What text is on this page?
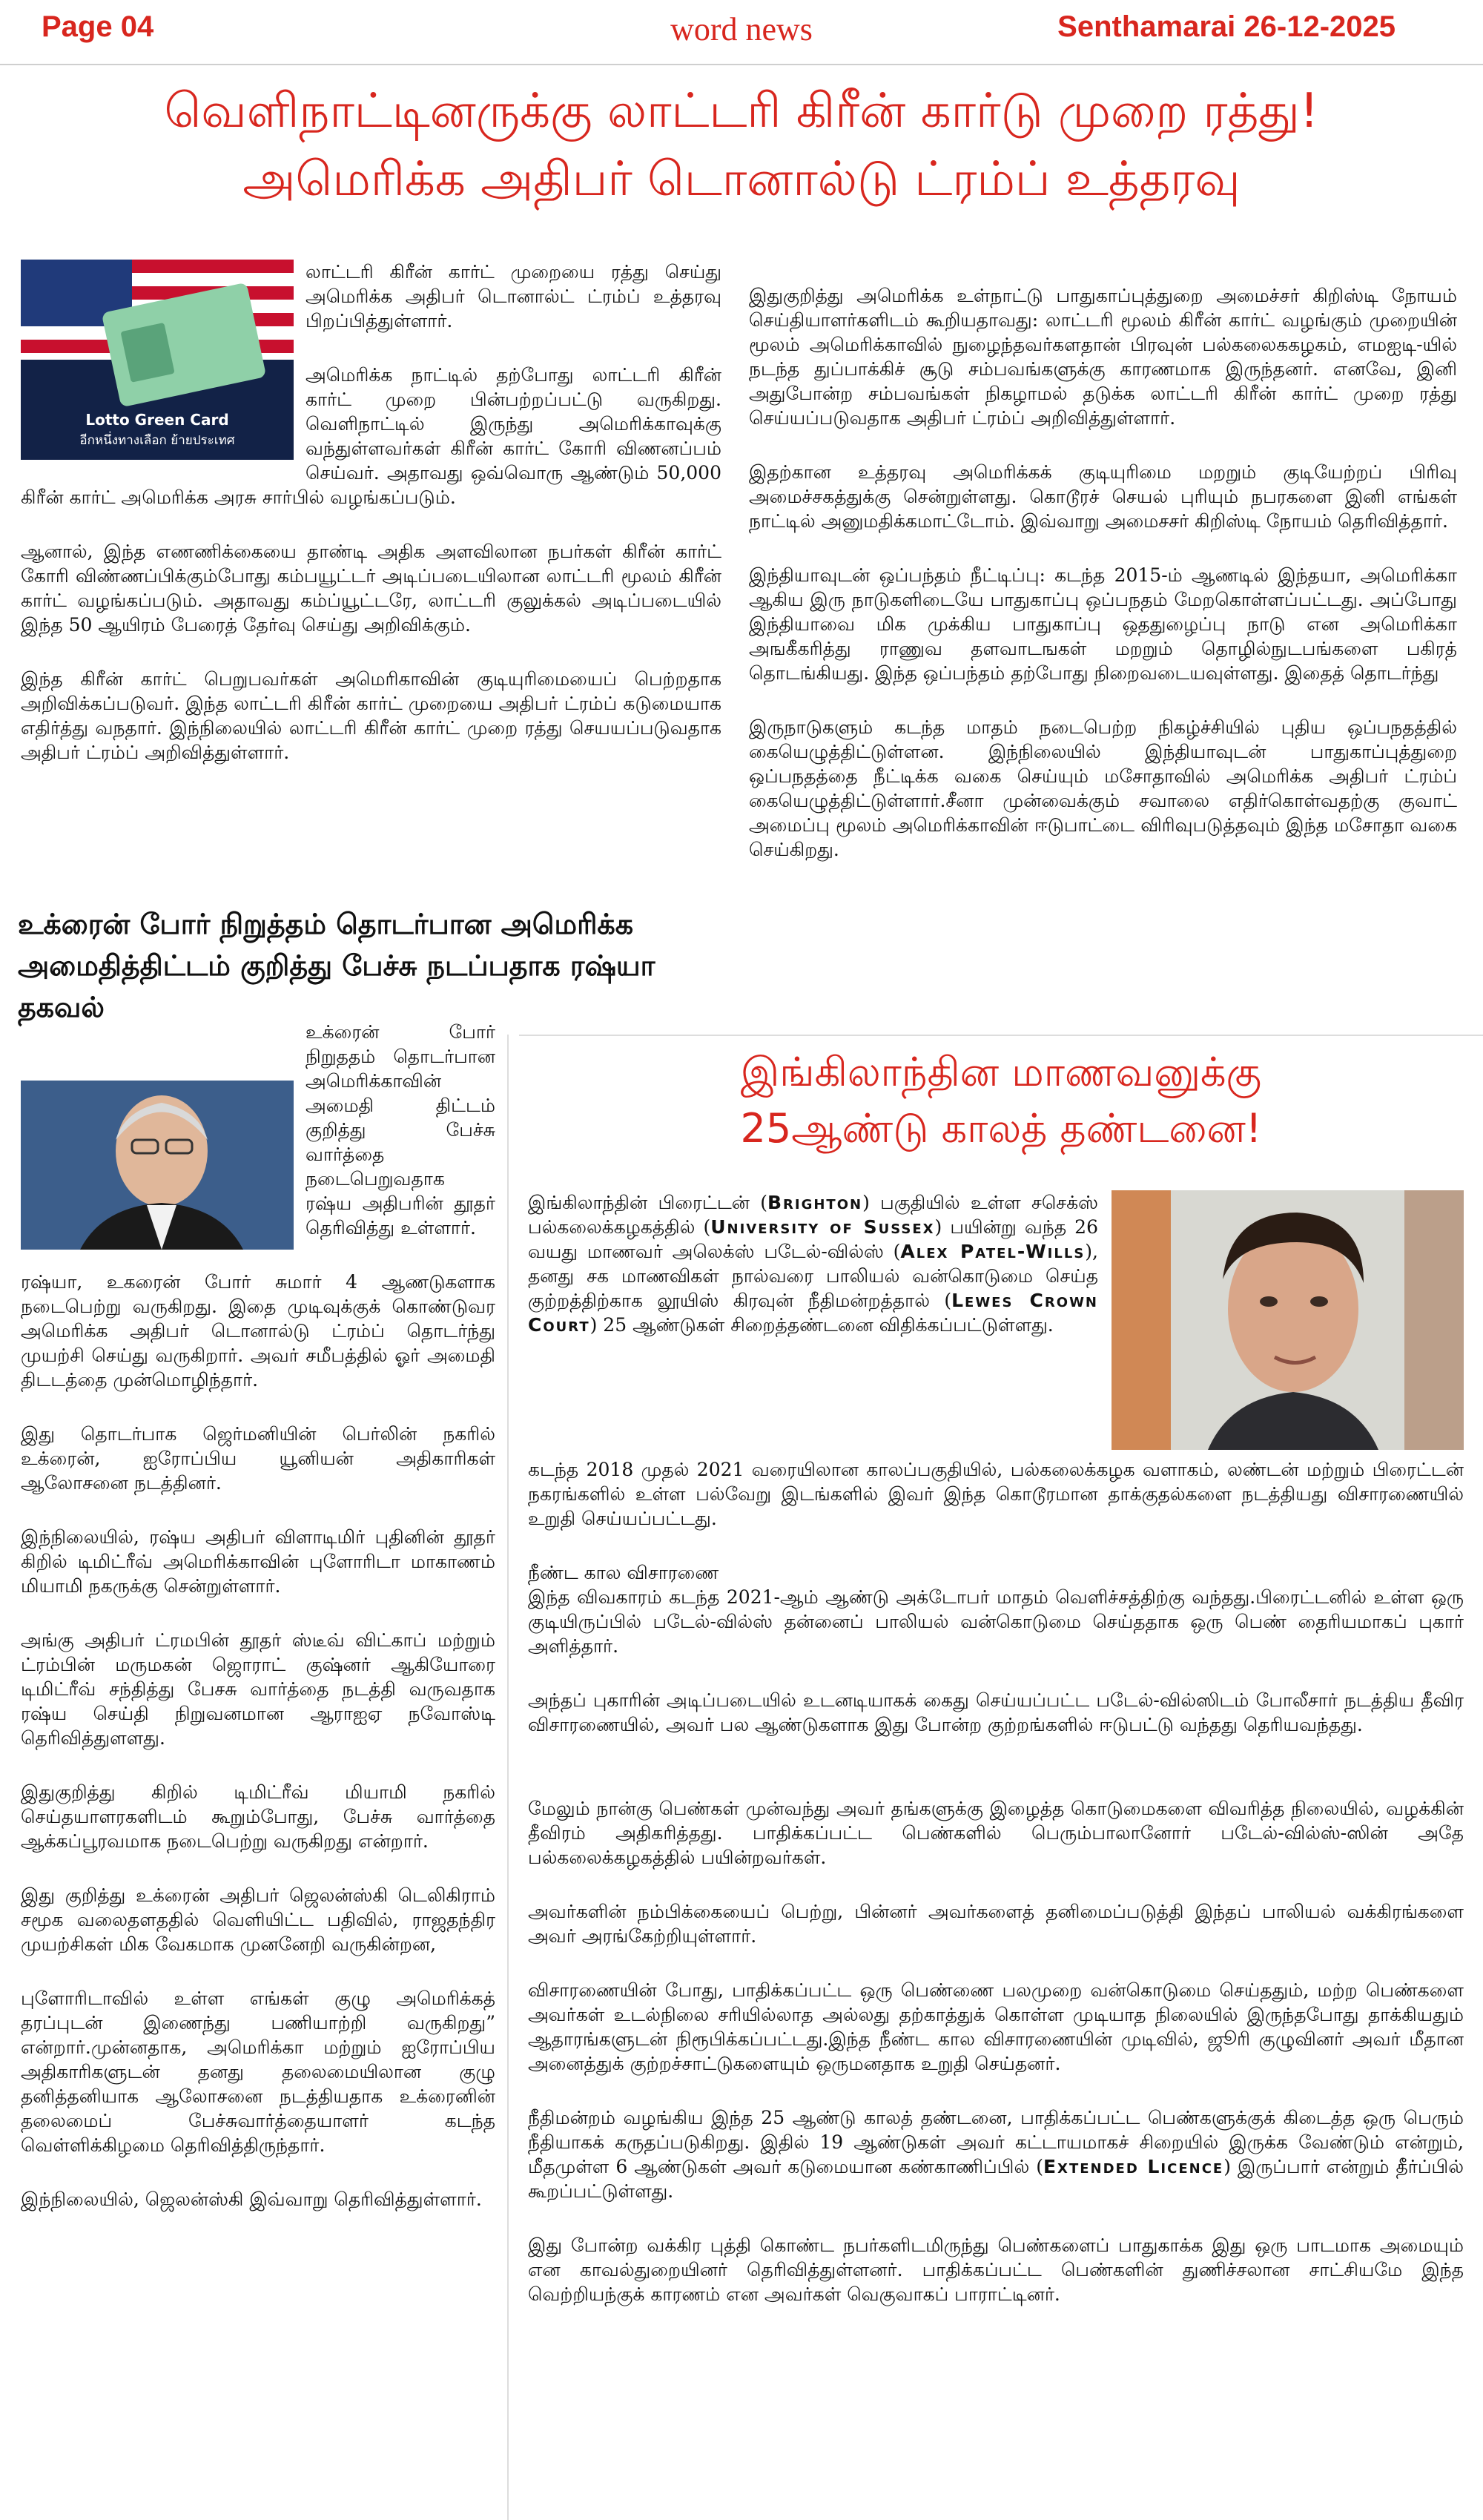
Page 04	word news	Senthamarai 26-12-2025
வெளிநாட்டினருக்கு லாட்டரி கிரீன் கார்டு முறை ரத்து!
அமெரிக்க அதிபர் டொனால்டு ட்ரம்ப் உத்தரவு
Lotto Green Card
อีกหนึ่งทางเลือก ย้ายประเทศ

லாட்டரி கிரீன் கார்ட் முறையை ரத்து செய்து அமெரிக்க அதிபர் டொனால்ட் ட்ரம்ப் உத்தரவு பிறப்பித்துள்ளார்.

அமெரிக்க நாட்டில் தற்போது லாட்டரி கிரீன் கார்ட் முறை பின்பற்றப்பட்டு வருகிறது. வெளிநாட்டில் இருந்து அமெரிக்காவுக்கு வந்துள்ளவர்கள் கிரீன் கார்ட் கோரி விணனப்பம் செய்வர். அதாவது ஒவ்வொரு ஆண்டும் 50,000 கிரீன் கார்ட் அமெரிக்க அரசு சார்பில் வழங்கப்படும்.

ஆனால், இந்த எணணிக்கையை தாண்டி அதிக அளவிலான நபர்கள் கிரீன் கார்ட் கோரி விண்ணப்பிக்கும்போது கம்பயூட்டர் அடிப்படையிலான லாட்டரி மூலம் கிரீன் கார்ட் வழங்கப்படும். அதாவது கம்ப்யூட்டரே, லாட்டரி குலுக்கல் அடிப்படையில் இந்த 50 ஆயிரம் பேரைத் தேர்வு செய்து அறிவிக்கும்.

இந்த கிரீன் கார்ட் பெறுபவர்கள் அமெரிகாவின் குடியுரிமையைப் பெற்றதாக அறிவிக்கப்படுவர். இந்த லாட்டரி கிரீன் கார்ட் முறையை அதிபர் ட்ரம்ப் கடுமையாக எதிர்த்து வநதார். இந்நிலையில் லாட்டரி கிரீன் கார்ட் முறை ரத்து செயயப்படுவதாக அதிபர் ட்ரம்ப் அறிவித்துள்ளார்.

இதுகுறித்து அமெரிக்க உள்நாட்டு பாதுகாப்புத்துறை அமைச்சர் கிறிஸ்டி நோயம் செய்தியாளர்களிடம் கூறியதாவது: லாட்டரி மூலம் கிரீன் கார்ட் வழங்கும் முறையின் மூலம் அமெரிக்காவில் நுழைந்தவர்களதான் பிரவுன் பல்கலைககழகம், எமஐடி-யில் நடந்த துப்பாக்கிச் சூடு சம்பவங்களுக்கு காரணமாக இருந்தனர். எனவே, இனி அதுபோன்ற சம்பவங்கள் நிகழாமல் தடுக்க லாட்டரி கிரீன் கார்ட் முறை ரத்து செய்யப்படுவதாக அதிபர் ட்ரம்ப் அறிவித்துள்ளார்.

இதற்கான உத்தரவு அமெரிக்கக் குடியுரிமை மறறும் குடியேற்றப் பிரிவு அமைச்சகத்துக்கு சென்றுள்ளது. கொடூரச் செயல் புரியும் நபரகளை இனி எங்கள் நாட்டில் அனுமதிக்கமாட்டோம். இவ்வாறு அமைசசர் கிறிஸ்டி நோயம் தெரிவித்தார்.

இந்தியாவுடன் ஒப்பந்தம் நீட்டிப்பு: கடந்த 2015-ம் ஆணடில் இந்தயா, அமெரிக்கா ஆகிய இரு நாடுகளிடையே பாதுகாப்பு ஒப்பநதம் மேறகொள்ளப்பட்டது. அப்போது இந்தியாவை மிக முக்கிய பாதுகாப்பு ஒததுழைப்பு நாடு என அமெரிக்கா அஙகீகரித்து ராணுவ தளவாடஙகள் மறறும் தொழில்நுடபங்களை பகிரத் தொடங்கியது. இந்த ஒப்பந்தம் தற்போது நிறைவடையவுள்ளது. இதைத் தொடர்ந்து

இருநாடுகளும் கடந்த மாதம் நடைபெற்ற நிகழ்ச்சியில் புதிய ஒப்பநதத்தில் கையெழுத்திட்டுள்ளன. இந்நிலையில் இந்தியாவுடன் பாதுகாப்புத்துறை ஒப்பநதத்தை நீட்டிக்க வகை செய்யும் மசோதாவில் அமெரிக்க அதிபர் ட்ரம்ப் கையெழுத்திட்டுள்ளார்.சீனா முன்வைக்கும் சவாலை எதிர்கொள்வதற்கு குவாட் அமைப்பு மூலம் அமெரிக்காவின் ஈடுபாட்டை விரிவுபடுத்தவும் இந்த மசோதா வகை செய்கிறது.

உக்ரைன் போர் நிறுத்தம் தொடர்பான அமெரிக்க
அமைதித்திட்டம் குறித்து பேச்சு நடப்பதாக ரஷ்யா தகவல்

உக்ரைன் போர் நிறுததம் தொடர்பான அமெரிக்காவின் அமைதி திட்டம் குறித்து பேச்சு வார்த்தை நடைபெறுவதாக ரஷ்ய அதிபரின் தூதர் தெரிவித்து உள்ளார்.

ரஷ்யா, உகரைன் போர் சுமார் 4 ஆணடுகளாக நடைபெற்று வருகிறது. இதை முடிவுக்குக் கொண்டுவர அமெரிக்க அதிபர் டொனால்டு ட்ரம்ப் தொடர்ந்து முயற்சி செய்து வருகிறார். அவர் சமீபத்தில் ஓர் அமைதி திடடத்தை முன்மொழிந்தார்.

இது தொடர்பாக ஜெர்மனியின் பெர்லின் நகரில் உக்ரைன், ஐரோப்பிய யூனியன் அதிகாரிகள் ஆலோசனை நடத்தினர்.

இந்நிலையில், ரஷ்ய அதிபர் விளாடிமிர் புதினின் தூதர் கிறில் டிமிட்ரீவ் அமெரிக்காவின் புளோரிடா மாகாணம் மியாமி நகருக்கு சென்றுள்ளார்.

அங்கு அதிபர் ட்ரமபின் தூதர் ஸ்டீவ் விட்காப் மற்றும் ட்ரம்பின் மருமகன் ஜொராட் குஷ்னர் ஆகியோரை டிமிட்ரீவ் சந்தித்து பேசசு வார்த்தை நடத்தி வருவதாக ரஷ்ய செய்தி நிறுவனமான ஆராஐஏ நவோஸ்டி தெரிவித்துளளது.

இதுகுறித்து கிறில் டிமிட்ரீவ் மியாமி நகரில் செய்தயாளரகளிடம் கூறும்போது, பேச்சு வார்த்தை ஆக்கப்பூரவமாக நடைபெற்று வருகிறது என்றார்.

இது குறித்து உக்ரைன் அதிபர் ஜெலன்ஸ்கி டெலிகிராம் சமூக வலைதளததில் வெளியிட்ட பதிவில், ராஜதந்திர முயற்சிகள் மிக வேகமாக முனனேறி வருகின்றன,

புளோரிடாவில் உள்ள எங்கள் குழு அமெரிக்கத் தரப்புடன் இணைந்து பணியாற்றி வருகிறது” என்றார்.முன்னதாக, அமெரிக்கா மற்றும் ஐரோப்பிய அதிகாரிகளுடன் தனது தலைமையிலான குழு தனித்தனியாக ஆலோசனை நடத்தியதாக உக்ரைனின் தலைமைப் பேச்சுவார்த்தையாளர் கடந்த வெள்ளிக்கிழமை தெரிவித்திருந்தார்.

இந்நிலையில், ஜெலன்ஸ்கி இவ்வாறு தெரிவித்துள்ளார்.

இங்கிலாந்தின மாணவனுக்கு
25ஆண்டு காலத் தண்டனை!

இங்கிலாந்தின் பிரைட்டன் (Brighton) பகுதியில் உள்ள சசெக்ஸ் பல்கலைக்கழகத்தில் (University of Sussex) பயின்று வந்த 26 வயது மாணவர் அலெக்ஸ் படேல்-வில்ஸ் (Alex Patel-Wills), தனது சக மாணவிகள் நால்வரை பாலியல் வன்கொடுமை செய்த குற்றத்திற்காக லூயிஸ் கிரவுன் நீதிமன்றத்தால் (Lewes Crown Court) 25 ஆண்டுகள் சிறைத்தண்டனை விதிக்கப்பட்டுள்ளது.

கடந்த 2018 முதல் 2021 வரையிலான காலப்பகுதியில், பல்கலைக்கழக வளாகம், லண்டன் மற்றும் பிரைட்டன் நகரங்களில் உள்ள பல்வேறு இடங்களில் இவர் இந்த கொடூரமான தாக்குதல்களை நடத்தியது விசாரணையில் உறுதி செய்யப்பட்டது.

நீண்ட கால விசாரணை

இந்த விவகாரம் கடந்த 2021-ஆம் ஆண்டு அக்டோபர் மாதம் வெளிச்சத்திற்கு வந்தது.பிரைட்டனில் உள்ள ஒரு குடியிருப்பில் படேல்-வில்ஸ் தன்னைப் பாலியல் வன்கொடுமை செய்ததாக ஒரு பெண் தைரியமாகப் புகார் அளித்தார்.

அந்தப் புகாரின் அடிப்படையில் உடனடியாகக் கைது செய்யப்பட்ட படேல்-வில்ஸிடம் போலீசார் நடத்திய தீவிர விசாரணையில், அவர் பல ஆண்டுகளாக இது போன்ற குற்றங்களில் ஈடுபட்டு வந்தது தெரியவந்தது.

மேலும் நான்கு பெண்கள் முன்வந்து அவர் தங்களுக்கு இழைத்த கொடுமைகளை விவரித்த நிலையில், வழக்கின் தீவிரம் அதிகரித்தது. பாதிக்கப்பட்ட பெண்களில் பெரும்பாலானோர் படேல்-வில்ஸ்-ஸின் அதே பல்கலைக்கழகத்தில் பயின்றவர்கள்.

அவர்களின் நம்பிக்கையைப் பெற்று, பின்னர் அவர்களைத் தனிமைப்படுத்தி இந்தப் பாலியல் வக்கிரங்களை அவர் அரங்கேற்றியுள்ளார்.

விசாரணையின் போது, பாதிக்கப்பட்ட ஒரு பெண்ணை பலமுறை வன்கொடுமை செய்ததும், மற்ற பெண்களை அவர்கள் உடல்நிலை சரியில்லாத அல்லது தற்காத்துக் கொள்ள முடியாத நிலையில் இருந்தபோது தாக்கியதும் ஆதாரங்களுடன் நிரூபிக்கப்பட்டது.இந்த நீண்ட கால விசாரணையின் முடிவில், ஜூரி குழுவினர் அவர் மீதான அனைத்துக் குற்றச்சாட்டுகளையும் ஒருமனதாக உறுதி செய்தனர்.

நீதிமன்றம் வழங்கிய இந்த 25 ஆண்டு காலத் தண்டனை, பாதிக்கப்பட்ட பெண்களுக்குக் கிடைத்த ஒரு பெரும் நீதியாகக் கருதப்படுகிறது. இதில் 19 ஆண்டுகள் அவர் கட்டாயமாகச் சிறையில் இருக்க வேண்டும் என்றும், மீதமுள்ள 6 ஆண்டுகள் அவர் கடுமையான கண்காணிப்பில் (Extended Licence) இருப்பார் என்றும் தீர்ப்பில் கூறப்பட்டுள்ளது.

இது போன்ற வக்கிர புத்தி கொண்ட நபர்களிடமிருந்து பெண்களைப் பாதுகாக்க இது ஒரு பாடமாக அமையும் என காவல்துறையினர் தெரிவித்துள்ளனர். பாதிக்கப்பட்ட பெண்களின் துணிச்சலான சாட்சியமே இந்த வெற்றியந்குக் காரணம் என அவர்கள் வெகுவாகப் பாராட்டினர்.
